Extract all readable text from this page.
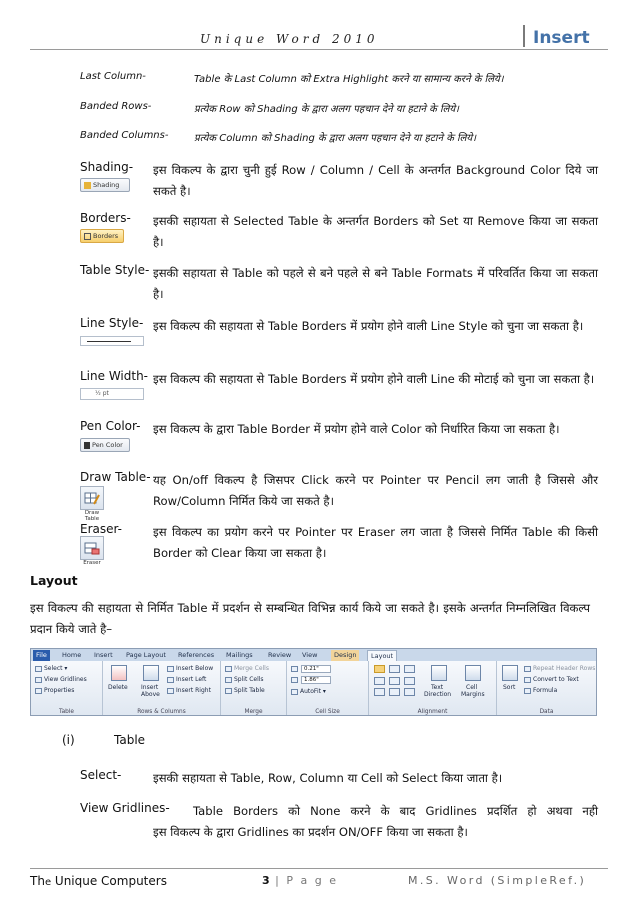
Unique Word 2010	Insert
Last Column-	Table के Last Column को Extra Highlight करने या सामान्य करने के लिये।
Banded Rows-	प्रत्येक Row को Shading के द्वारा अलग पहचान देने या हटाने के लिये।
Banded Columns-	प्रत्येक Column को Shading के द्वारा अलग पहचान देने या हटाने के लिये।
Shading-
Shading
इस विकल्प के द्वारा चुनी हुई Row / Column / Cell के अन्तर्गत Background Color दिये जा सकते है।
Borders-
Borders
इसकी सहायता से Selected Table के अन्तर्गत Borders को Set या Remove किया जा सकता है।
Table Style- इसकी सहायता से Table को पहले से बने पहले से बने Table Formats में परिवर्तित किया जा सकता है।
Line Style- इस विकल्प की सहायता से Table Borders में प्रयोग होने वाली Line Style को चुना जा सकता है।
Line Width-
½ pt
इस विकल्प की सहायता से Table Borders में प्रयोग होने वाली Line की मोटाई को चुना जा सकता है।
Pen Color-
Pen Color
इस विकल्प के द्वारा Table Border में प्रयोग होने वाले Color को निर्धारित किया जा सकता है।
Draw Table-
Draw Table
यह On/off विकल्प है जिसपर Click करने पर Pointer पर Pencil लग जाती है जिससे और Row/Column निर्मित किये जा सकते है।
Eraser-
Eraser
इस विकल्प का प्रयोग करने पर Pointer पर Eraser लग जाता है जिससे निर्मित Table की किसी Border को Clear किया जा सकता है।
Layout
इस विकल्प की सहायता से निर्मित Table में प्रदर्शन से सम्बन्धित विभिन्न कार्य किये जा सकते है। इसके अन्तर्गत निम्नलिखित विकल्प प्रदान किये जाते है–
File	Home	Insert	Page Layout	References	Mailings	Review	View	Design	Layout
Select ▾
View Gridlines
Properties
Table
Delete Insert
Above
Insert Below
Insert Left
Insert Right
Rows & Columns
Merge Cells
Split Cells
Split Table
Merge
0.21"
1.86"
AutoFit ▾
Cell Size
Text
Direction
Cell
Margins
Alignment
Sort
Repeat Header Rows
Convert to Text
Formula
Data
(i)	Table
Select-	इसकी सहायता से Table, Row, Column या Cell को Select किया जाता है।
View Gridlines- Table Borders को None करने के बाद Gridlines प्रदर्शित हो अथवा नही
इस विकल्प के द्वारा Gridlines का प्रदर्शन ON/OFF किया जा सकता है।
The Unique Computers	3 | P a g e	M.S. Word (SimpleRef.)
